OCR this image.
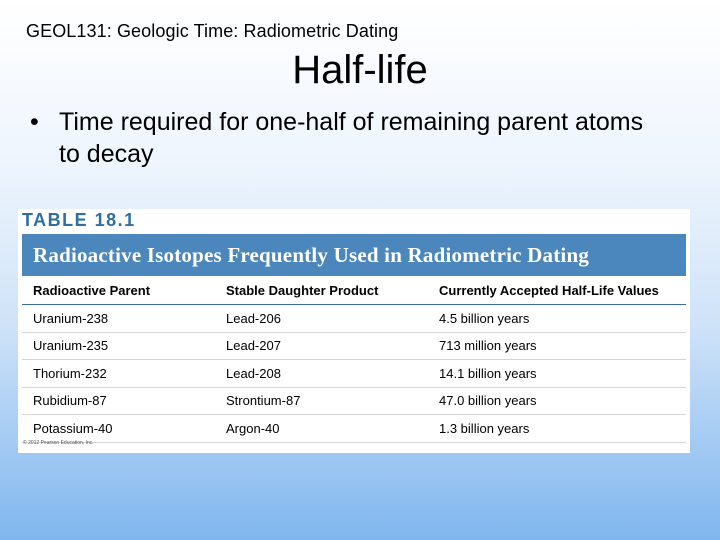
GEOL131: Geologic Time: Radiometric Dating
Half-life
• Time required for one-half of remaining parent atoms to decay
TABLE 18.1
Radioactive Isotopes Frequently Used in Radiometric Dating
Radioactive Parent	Stable Daughter Product	Currently Accepted Half-Life Values
Uranium-238	Lead-206	4.5 billion years
Uranium-235	Lead-207	713 million years
Thorium-232	Lead-208	14.1 billion years
Rubidium-87	Strontium-87	47.0 billion years
Potassium-40	Argon-40	1.3 billion years
© 2012 Pearson Education, Inc.
